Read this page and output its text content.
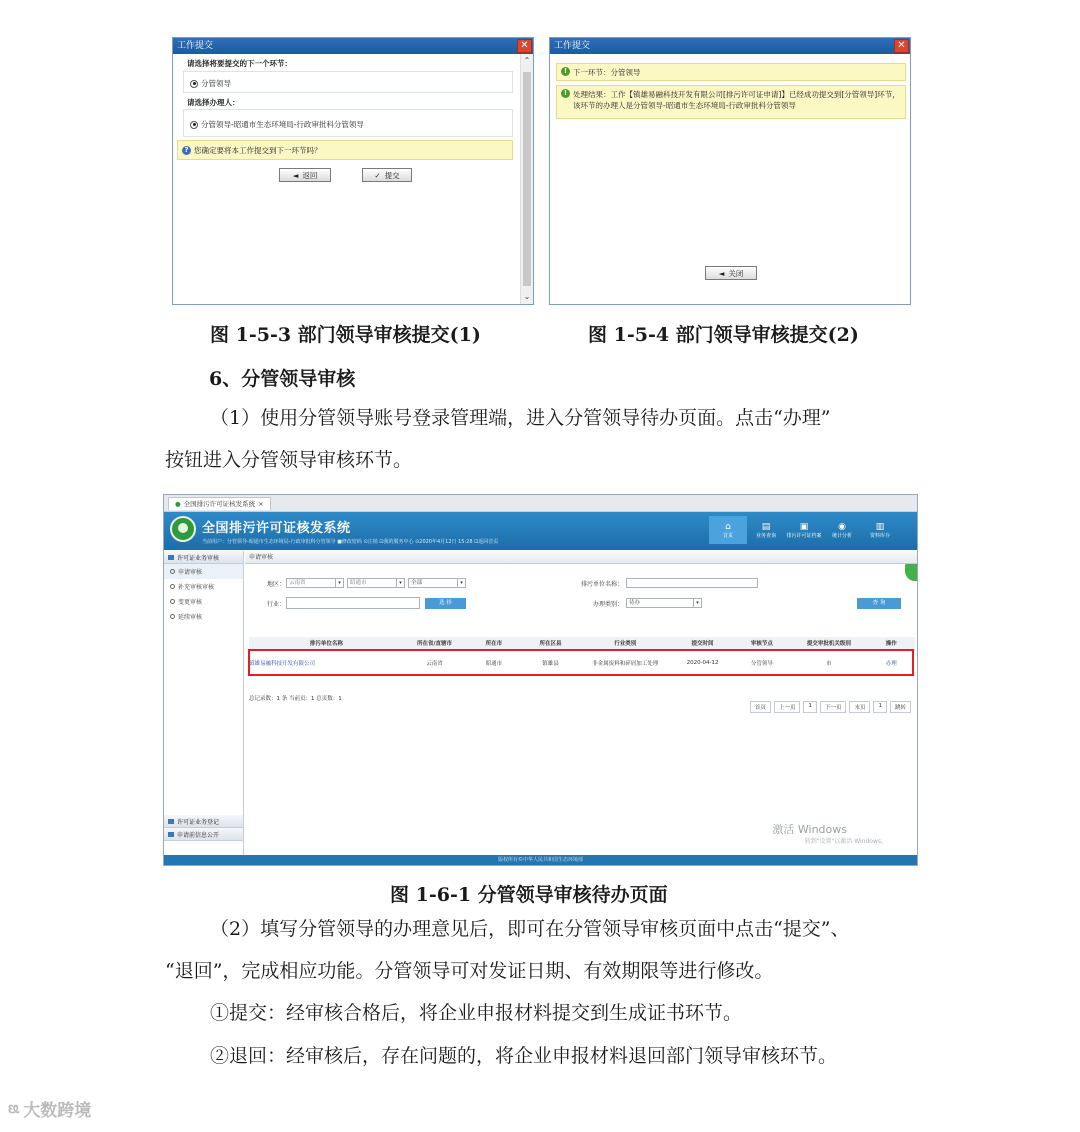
工作提交	✕
请选择将要提交的下一个环节：
分管领导
请选择办理人：
分管领导-昭通市生态环境局-行政审批科分管领导
? 您确定要将本工作提交到下一环节吗？
◄ 返回	✓ 提交
⌃
⌄
工作提交	✕
! 下一环节：分管领导
! 处理结果：工作【镇雄易融科技开发有限公司[排污许可证申请]】已经成功提交到[分管领导]环节，该环节的办理人是分管领导-昭通市生态环境局-行政审批科分管领导
◄ 关闭
图 1-5-3 部门领导审核提交(1)	图 1-5-4 部门领导审核提交(2)
6、分管领导审核
（1）使用分管领导账号登录管理端，进入分管领导待办页面。点击“办理”
按钮进入分管领导审核环节。
● 全国排污许可证核发系统 ×
全国排污许可证核发系统
当前用户：分管领导-昭通市生态环境局-行政审批科分管领导 ■修改密码 ⊙注销 ⊡我的服务中心 ⊙2020年4月12日 15:28 ⊡返回首页
⌂
首页
▤
业务查询
▣
排污许可证档案
◉
统计分析
▥
资料库存
许可证业务审核
申请审核
补充审核审核
变更审核
延续审核
许可证业务登记
申请前信息公开
申请审核
地区： 云南省	▾	昭通市	▾	全部	▾	排污单位名称：
行业：	选 择	办理类别：	待办	▾	查 询
排污单位名称	所在省/直辖市	所在市	所在区县	行业类别	提交时间	审核节点	提交审批机关级别	操作
镇雄易融科技开发有限公司	云南省	昭通市	镇雄县	非金属废料和碎屑加工处理	2020-04-12	分管领导	市	办理
总记录数：1 条 当前页：1 总页数：1
首页	上一页	1	下一页	末页	1	跳转
激活 Windows
转到"设置"以激活 Windows。
版权所有©中华人民共和国生态环境部
图 1-6-1 分管领导审核待办页面
（2）填写分管领导的办理意见后，即可在分管领导审核页面中点击“提交”、
“退回”，完成相应功能。分管领导可对发证日期、有效期限等进行修改。
①提交：经审核合格后，将企业申报材料提交到生成证书环节。
②退回：经审核后，存在问题的，将企业申报材料退回部门领导审核环节。
ᦕ 大数跨境
